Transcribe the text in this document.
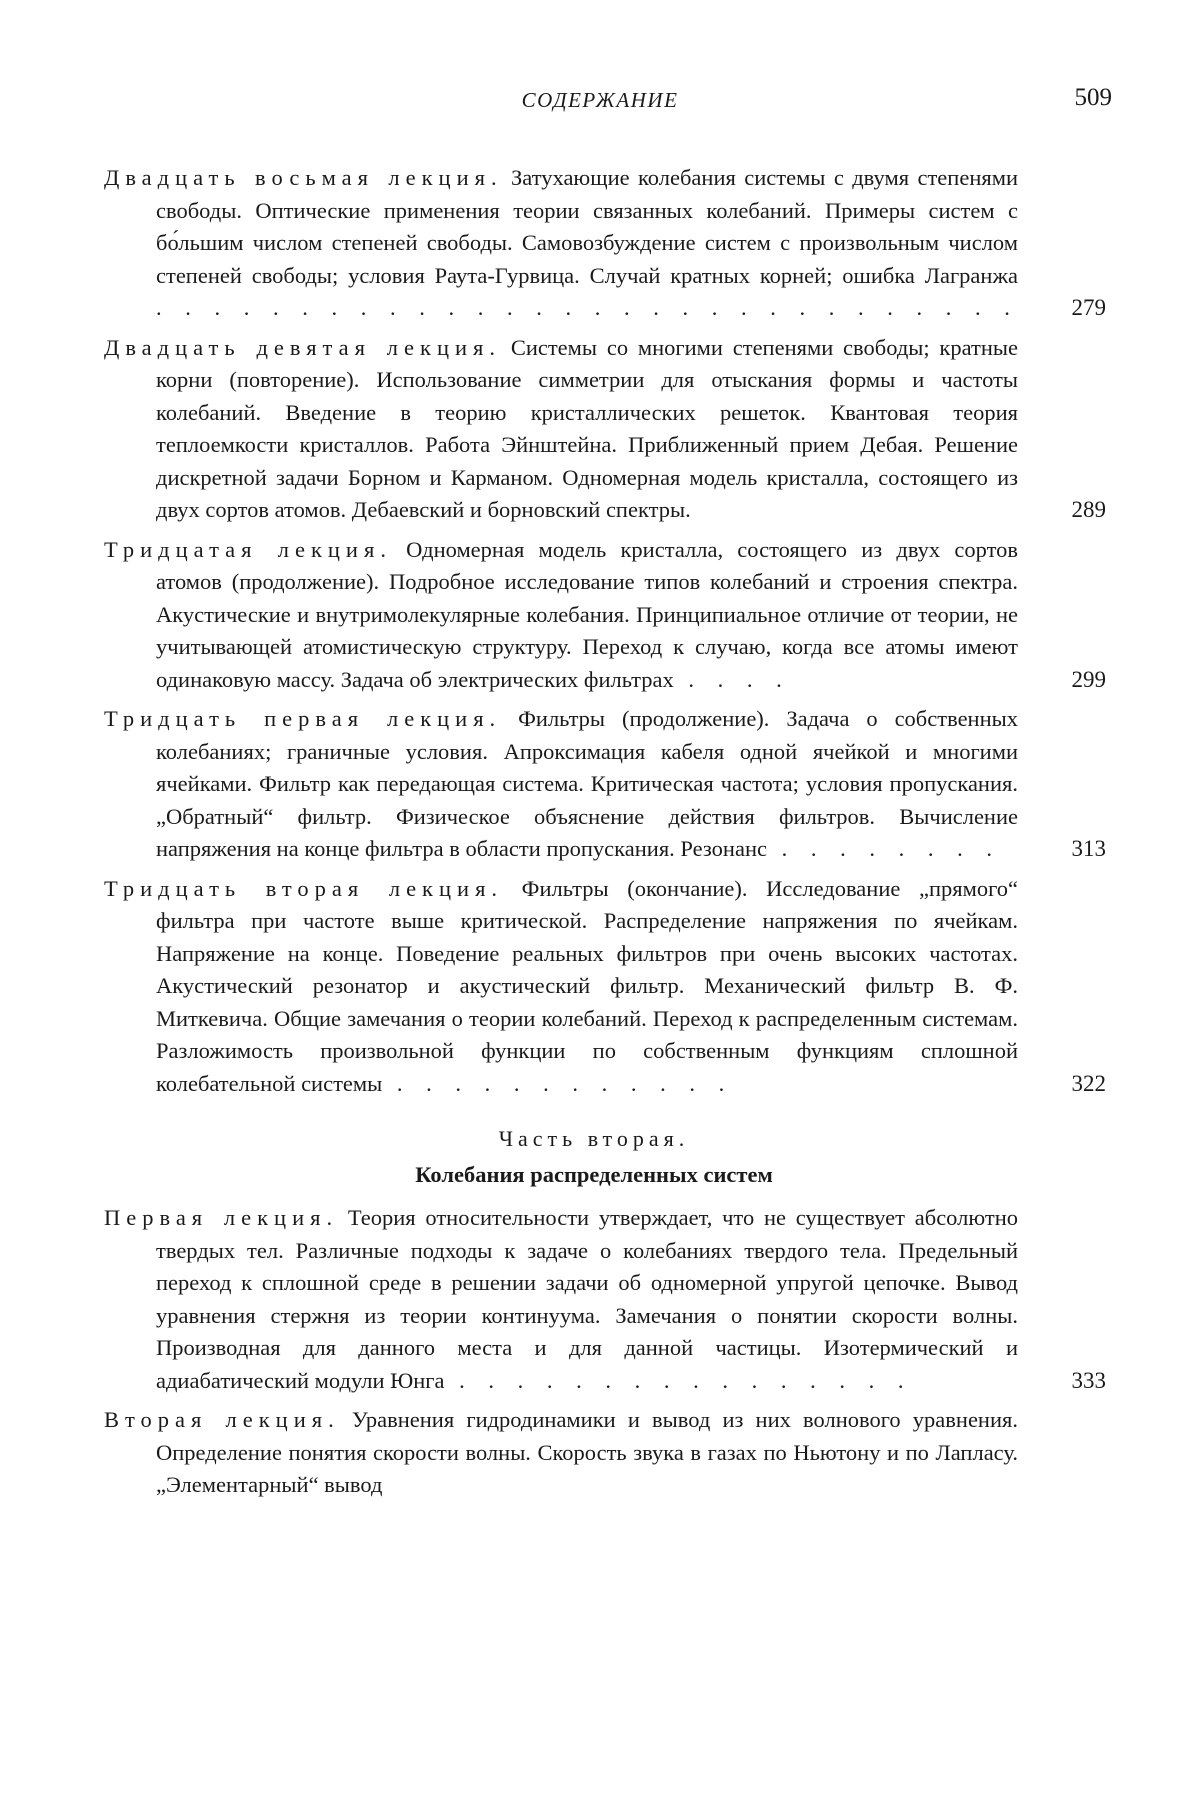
СОДЕРЖАНИЕ	509
Двадцать восьмая лекция. Затухающие колебания системы с двумя степенями свободы. Оптические применения теории связанных колебаний. Примеры систем с бо́льшим числом степеней свободы. Самовозбуждение систем с произвольным числом степеней свободы; условия Раута-Гурвица. Случай кратных корней; ошибка Лагранжа . . . . . . . . . . . . . . . . . . . . . . . . . . . . . . 279
Двадцать девятая лекция. Системы со многими степенями свободы; кратные корни (повторение). Использование симметрии для отыскания формы и частоты колебаний. Введение в теорию кристаллических решеток. Квантовая теория теплоемкости кристаллов. Работа Эйнштейна. Приближенный прием Дебая. Решение дискретной задачи Борном и Карманом. Одномерная модель кристалла, состоящего из двух сортов атомов. Дебаевский и борновский спектры.	289
Тридцатая лекция. Одномерная модель кристалла, состоящего из двух сортов атомов (продолжение). Подробное исследование типов колебаний и строения спектра. Акустические и внутримолекулярные колебания. Принципиальное отличие от теории, не учитывающей атомистическую структуру. Переход к случаю, когда все атомы имеют одинаковую массу. Задача об электрических фильтрах . . . .	299
Тридцать первая лекция. Фильтры (продолжение). Задача о собственных колебаниях; граничные условия. Апроксимация кабеля одной ячейкой и многими ячейками. Фильтр как передающая система. Критическая частота; условия пропускания. „Обратный“ фильтр. Физическое объяснение действия фильтров. Вычисление напряжения на конце фильтра в области пропускания. Резонанс . . . . . . . .	313
Тридцать вторая лекция. Фильтры (окончание). Исследование „прямого“ фильтра при частоте выше критической. Распределение напряжения по ячейкам. Напряжение на конце. Поведение реальных фильтров при очень высоких частотах. Акустический резонатор и акустический фильтр. Механический фильтр В. Ф. Миткевича. Общие замечания о теории колебаний. Переход к распределенным системам. Разложимость произвольной функции по собственным функциям сплошной колебательной системы . . . . . . . . . . . .	322
Часть вторая.
Колебания распределенных систем
Первая лекция. Теория относительности утверждает, что не существует абсолютно твердых тел. Различные подходы к задаче о колебаниях твердого тела. Предельный переход к сплошной среде в решении задачи об одномерной упругой цепочке. Вывод уравнения стержня из теории континуума. Замечания о понятии скорости волны. Производная для данного места и для данной частицы. Изотермический и адиабатический модули Юнга . . . . . . . . . . . . . . . .	333
Вторая лекция. Уравнения гидродинамики и вывод из них волнового уравнения. Определение понятия скорости волны. Скорость звука в газах по Ньютону и по Лапласу. „Элементарный“ вывод
